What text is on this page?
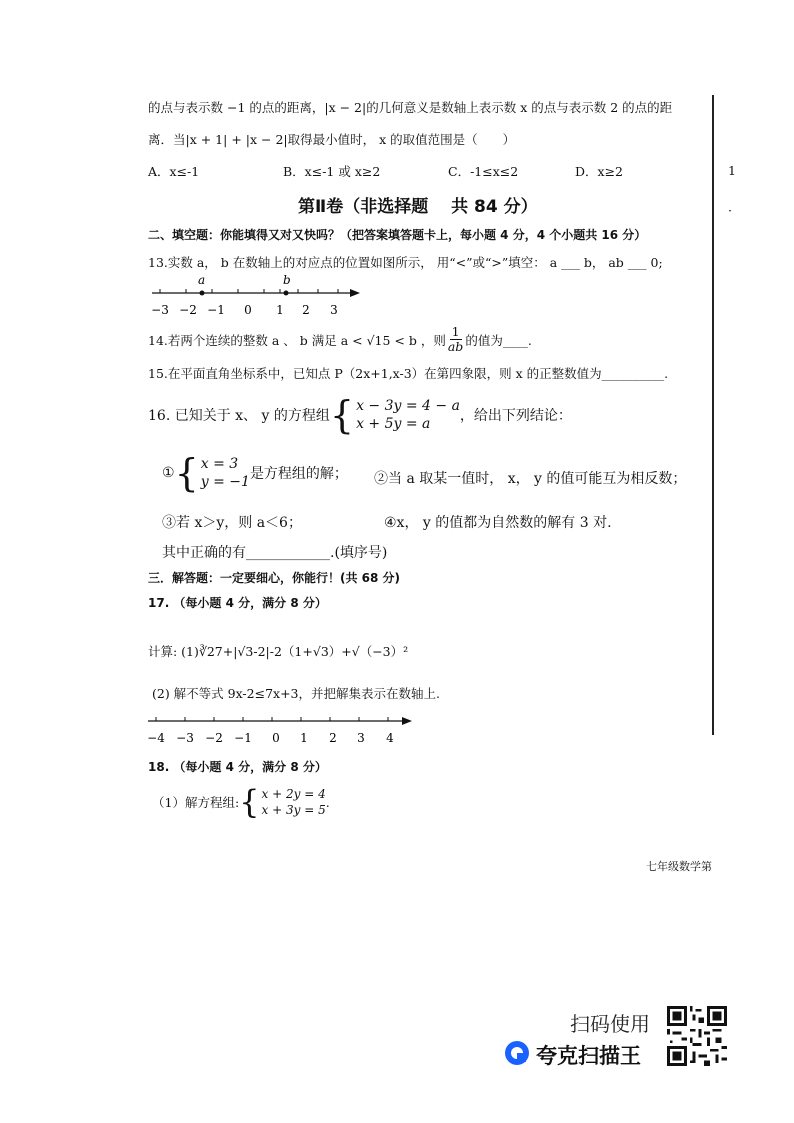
1
·
的点与表示数 −1 的点的距离，|x − 2|的几何意义是数轴上表示数 x 的点与表示数 2 的点的距
离．当|x + 1| + |x − 2|取得最小值时， x 的取值范围是（　　）
A．x≤-1	B．x≤-1 或 x≥2	C．-1≤x≤2	D．x≥2
第Ⅱ卷（非选择题　 共 84 分）
二、填空题：你能填得又对又快吗？（把答案填答题卡上，每小题 4 分，4 个小题共 16 分）
13.实数 a， b 在数轴上的对应点的位置如图所示， 用“<”或“>”填空： a ___ b， ab ___ 0;
a	b
−3 −2 −1 0 1 2 3
14.若两个连续的整数 a 、 b 满足 a < √15 < b ，则 $\frac{1}{ab}$ 的值为____.
15.在平面直角坐标系中，已知点 P（2x+1,x-3）在第四象限，则 x 的正整数值为__________.
16. 已知关于 x、 y 的方程组 { x − 3y = 4 − a
x + 5y = a	，给出下列结论：
① { x = 3
y = −1 是方程组的解； ②当 a 取某一值时， x， y 的值可能互为相反数；
③若 x＞y，则 a＜6；	④x， y 的值都为自然数的解有 3 对.
其中正确的有____________.(填序号)
三．解答题：一定要细心，你能行！(共 68 分)
17. （每小题 4 分，满分 8 分）
计算: (1)∛27+|√3-2|-2（1+√3）+√（−3）²
(2) 解不等式 9x-2≤7x+3，并把解集表示在数轴上.
−4 −3 −2 −1 0 1 2 3 4
18. （每小题 4 分，满分 8 分）
（1）解方程组: { x + 2y = 4
x + 3y = 5
.
七年级数学第
扫码使用
夸克扫描王
